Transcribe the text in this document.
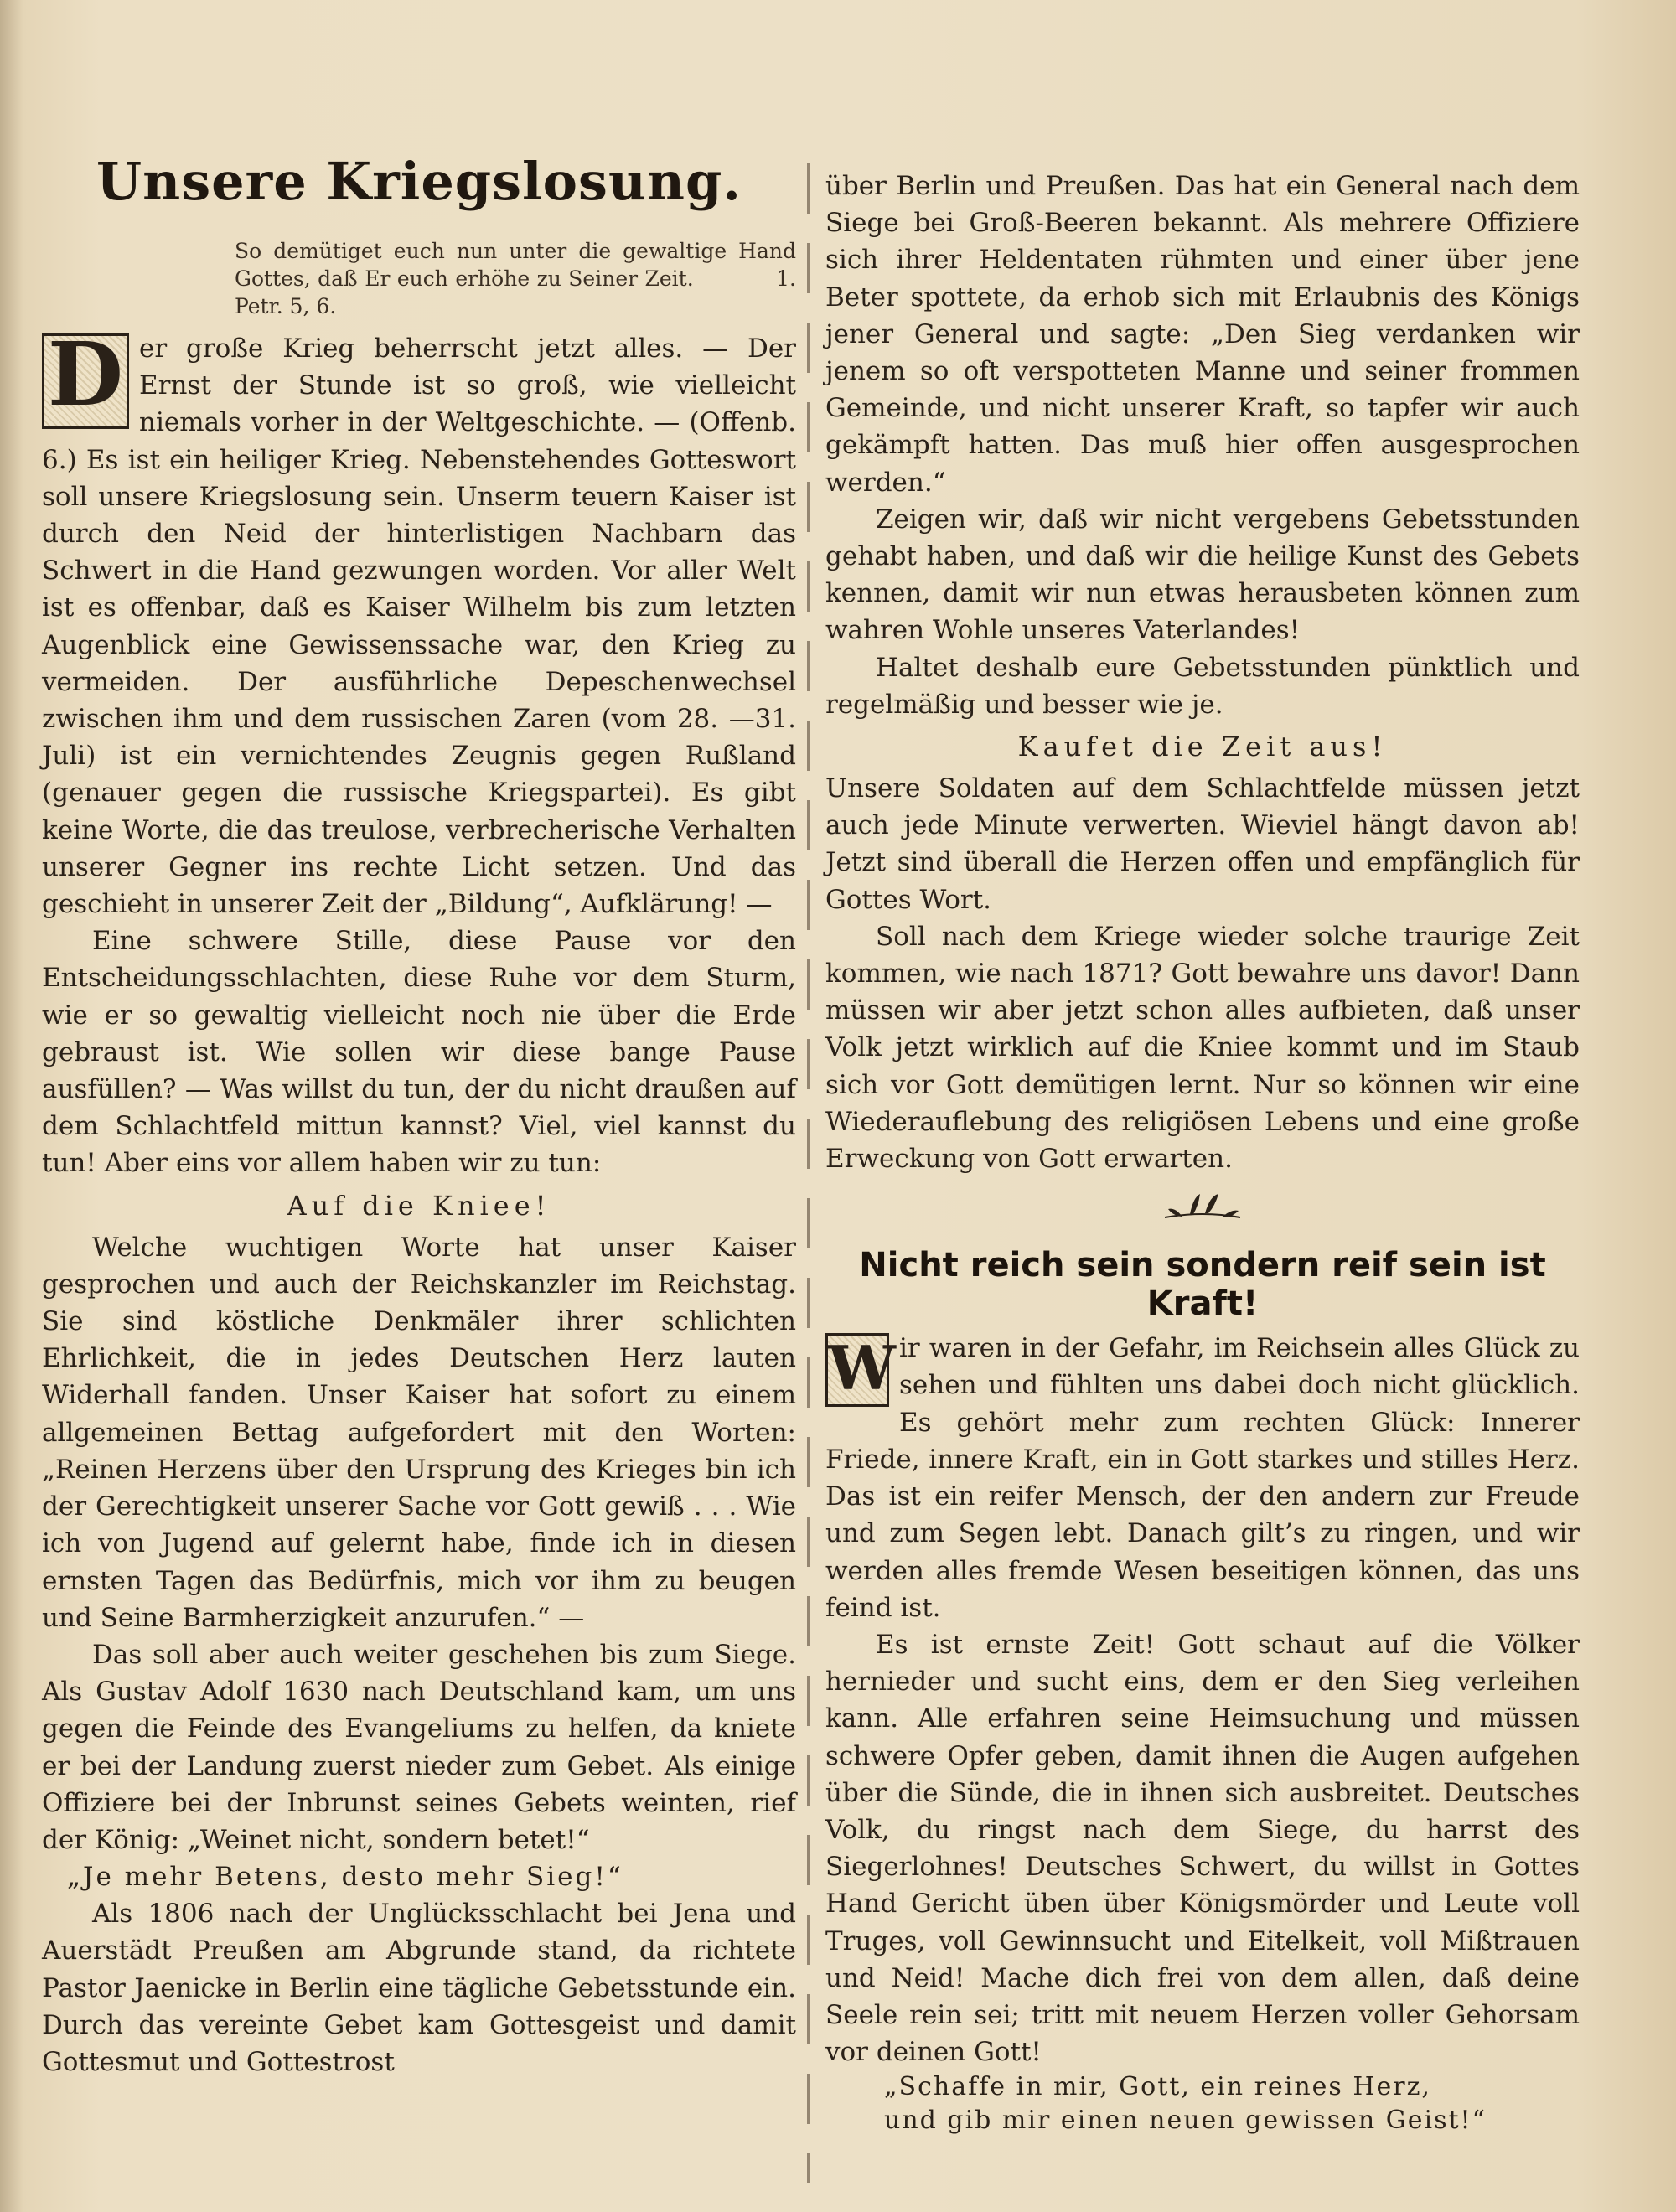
Unsere Kriegslosung.
So demütiget euch nun unter die gewaltige Hand Gottes, daß Er euch erhöhe zu Seiner Zeit.	1. Petr. 5, 6.

D er große Krieg beherrscht jetzt alles. — Der Ernst der Stunde ist so groß, wie vielleicht niemals vorher in der Weltgeschichte. — (Offenb. 6.) Es ist ein heiliger Krieg. Nebenstehendes Gotteswort soll unsere Kriegslosung sein. Unserm teuern Kaiser ist durch den Neid der hinterlistigen Nachbarn das Schwert in die Hand gezwungen worden. Vor aller Welt ist es offenbar, daß es Kaiser Wilhelm bis zum letzten Augenblick eine Gewissenssache war, den Krieg zu vermeiden. Der ausführliche Depeschenwechsel zwischen ihm und dem russischen Zaren (vom 28. —31. Juli) ist ein vernichtendes Zeugnis gegen Rußland (genauer gegen die russische Kriegspartei). Es gibt keine Worte, die das treulose, verbrecherische Verhalten unserer Gegner ins rechte Licht setzen. Und das geschieht in unserer Zeit der „Bildung“, Aufklärung! —

Eine schwere Stille, diese Pause vor den Entscheidungsschlachten, diese Ruhe vor dem Sturm, wie er so gewaltig vielleicht noch nie über die Erde gebraust ist. Wie sollen wir diese bange Pause ausfüllen? — Was willst du tun, der du nicht draußen auf dem Schlachtfeld mittun kannst? Viel, viel kannst du tun! Aber eins vor allem haben wir zu tun:

Auf die Kniee!

Welche wuchtigen Worte hat unser Kaiser gesprochen und auch der Reichskanzler im Reichstag. Sie sind köstliche Denkmäler ihrer schlichten Ehrlichkeit, die in jedes Deutschen Herz lauten Widerhall fanden. Unser Kaiser hat sofort zu einem allgemeinen Bettag aufgefordert mit den Worten: „Reinen Herzens über den Ursprung des Krieges bin ich der Gerechtigkeit unserer Sache vor Gott gewiß . . . Wie ich von Jugend auf gelernt habe, finde ich in diesen ernsten Tagen das Bedürfnis, mich vor ihm zu beugen und Seine Barmherzigkeit anzurufen.“ —

Das soll aber auch weiter geschehen bis zum Siege. Als Gustav Adolf 1630 nach Deutschland kam, um uns gegen die Feinde des Evangeliums zu helfen, da kniete er bei der Landung zuerst nieder zum Gebet. Als einige Offiziere bei der Inbrunst seines Gebets weinten, rief der König: „Weinet nicht, sondern betet!“

„Je mehr Betens, desto mehr Sieg!“

Als 1806 nach der Unglücksschlacht bei Jena und Auerstädt Preußen am Abgrunde stand, da richtete Pastor Jaenicke in Berlin eine tägliche Gebetsstunde ein. Durch das vereinte Gebet kam Gottesgeist und damit Gottesmut und Gottestrost

über Berlin und Preußen. Das hat ein General nach dem Siege bei Groß-Beeren bekannt. Als mehrere Offiziere sich ihrer Heldentaten rühmten und einer über jene Beter spottete, da erhob sich mit Erlaubnis des Königs jener General und sagte: „Den Sieg verdanken wir jenem so oft verspotteten Manne und seiner frommen Gemeinde, und nicht unserer Kraft, so tapfer wir auch gekämpft hatten. Das muß hier offen ausgesprochen werden.“

Zeigen wir, daß wir nicht vergebens Gebetsstunden gehabt haben, und daß wir die heilige Kunst des Gebets kennen, damit wir nun etwas herausbeten können zum wahren Wohle unseres Vaterlandes!

Haltet deshalb eure Gebetsstunden pünktlich und regelmäßig und besser wie je.

Kaufet die Zeit aus!

Unsere Soldaten auf dem Schlachtfelde müssen jetzt auch jede Minute verwerten. Wieviel hängt davon ab! Jetzt sind überall die Herzen offen und empfänglich für Gottes Wort.

Soll nach dem Kriege wieder solche traurige Zeit kommen, wie nach 1871? Gott bewahre uns davor! Dann müssen wir aber jetzt schon alles aufbieten, daß unser Volk jetzt wirklich auf die Kniee kommt und im Staub sich vor Gott demütigen lernt. Nur so können wir eine Wiederauflebung des religiösen Lebens und eine große Erweckung von Gott erwarten.

Nicht reich sein sondern reif sein ist Kraft!

W ir waren in der Gefahr, im Reichsein alles Glück zu sehen und fühlten uns dabei doch nicht glücklich. Es gehört mehr zum rechten Glück: Innerer Friede, innere Kraft, ein in Gott starkes und stilles Herz. Das ist ein reifer Mensch, der den andern zur Freude und zum Segen lebt. Danach gilt’s zu ringen, und wir werden alles fremde Wesen beseitigen können, das uns feind ist.

Es ist ernste Zeit! Gott schaut auf die Völker hernieder und sucht eins, dem er den Sieg verleihen kann. Alle erfahren seine Heimsuchung und müssen schwere Opfer geben, damit ihnen die Augen aufgehen über die Sünde, die in ihnen sich ausbreitet. Deutsches Volk, du ringst nach dem Siege, du harrst des Siegerlohnes! Deutsches Schwert, du willst in Gottes Hand Gericht üben über Königsmörder und Leute voll Truges, voll Gewinnsucht und Eitelkeit, voll Mißtrauen und Neid! Mache dich frei von dem allen, daß deine Seele rein sei; tritt mit neuem Herzen voller Gehorsam vor deinen Gott!

„Schaffe in mir, Gott, ein reines Herz,

und gib mir einen neuen gewissen Geist!“
